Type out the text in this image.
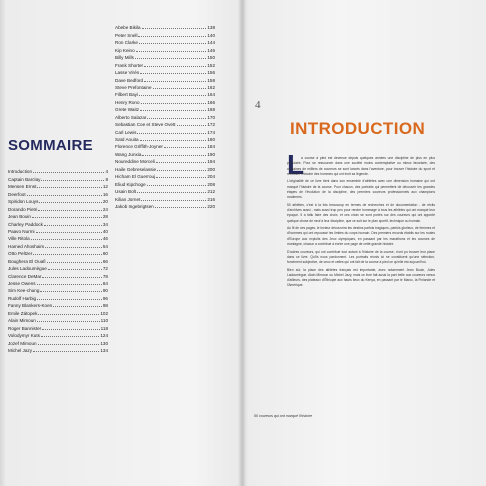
SOMMAIRE
Introduction	4
Captain Barclay	8
Mensen Ernst	12
Deerfoot	16
Spiridon Louys	20
Dorando Pietri	24
Jean Bouin	28
Charley Paddock	34
Paavo Nurmi	40
Ville Ritola	46
Hamed Ahoshaim	54
Otto Peltzer	60
Boughera El Ouafi	66
Jules Ladoumègue	72
Clarence DeMar	78
Jesse Owens	84
Sim Kee-chung	90
Rudolf Harbig	96
Fanny Blankers-Koen	98
Emile Zátopek	102
Alain Mimoun	110
Roger Bannister	118
Volodymyr Kuts	124
Jozef Mimoun	130
Michel Jazy	134
Abebe Bikila	138
Peter Snell	140
Ron Clarke	144
Kip Keino	146
Billy Mills	150
Frank Shorter	152
Lasse Virén	156
Dave Bedford	158
Steve Prefontaine	162
Filbert Bayi	164
Henry Rono	166
Grete Waitz	168
Alberto Salazar	170
Sebastian Coe et Steve Ovett	172
Carl Lewis	174
Saïd Aouita	180
Florence Griffith-Joyner	184
Wang Junxia	190
Noureddine Morceli	194
Haile Gebreselassie	200
Hicham El Guerrouj	204
Eliud Kipchoge	208
Usain Bolt	212
Kilian Jornet	216
Jakob Ingebrigtsen	220
4
INTRODUCTION
L

a course à pied est devenue depuis quelques années une discipline de plus en plus populaire. Pour se ressourcer dans une société moins contemplative ou mieux favorisée, des centaines de milliers de coureurs se sont lancés dans l'aventure, pour trouver l'histoire du sport et retrouver l'histoire des hommes qui ont écrit sa légende.

L'originalité de ce livre tient dans son ensemble d'athlètes avec une dimension humaine qui ont marqué l'histoire de la course. Pour chacun, des portraits qui permettent de découvrir les grandes étapes de l'évolution de la discipline, des premiers coureurs professionnels aux champions modernes.

50 athlètes, c'est à la fois beaucoup en termes de recherches et de documentation - de récits d'archives aussi - mais aussi trop peu pour rendre hommage à tous les athlètes qui ont marqué leur époque. Il a fallu faire des choix, et ces choix se sont portés sur des coureurs qui ont apporté quelque chose de neuf à leur discipline, que ce soit sur le plan sportif, technique ou humain.

Au fil de ces pages, le lecteur découvrira les destins parfois tragiques, parfois glorieux, de femmes et d'hommes qui ont repoussé les limites du corps humain. Des premiers records établis sur les routes d'Europe aux exploits des Jeux olympiques, en passant par les marathons et les courses de montagne, chacun a contribué à écrire une page de cette grande histoire.

D'autres coureurs, qui ont contribué tout autant à l'histoire de la course, n'ont pu trouver leur place dans ce livre. Qu'ils nous pardonnent. Les portraits réunis ici ne constituent qu'une sélection, forcément subjective, de ceux et celles qui ont fait de la course à pied ce qu'elle est aujourd'hui.

Bien sûr, la place des athlètes français est importante, avec notamment Jean Bouin, Jules Ladoumègue, Alain Mimoun ou Michel Jazy, mais ce livre fait aussi la part belle aux coureurs venus d'ailleurs, des plateaux d'Éthiopie aux hauts lieux du Kenya, en passant par le Maroc, la Finlande et l'Amérique.

50 coureurs qui ont marqué l'histoire
